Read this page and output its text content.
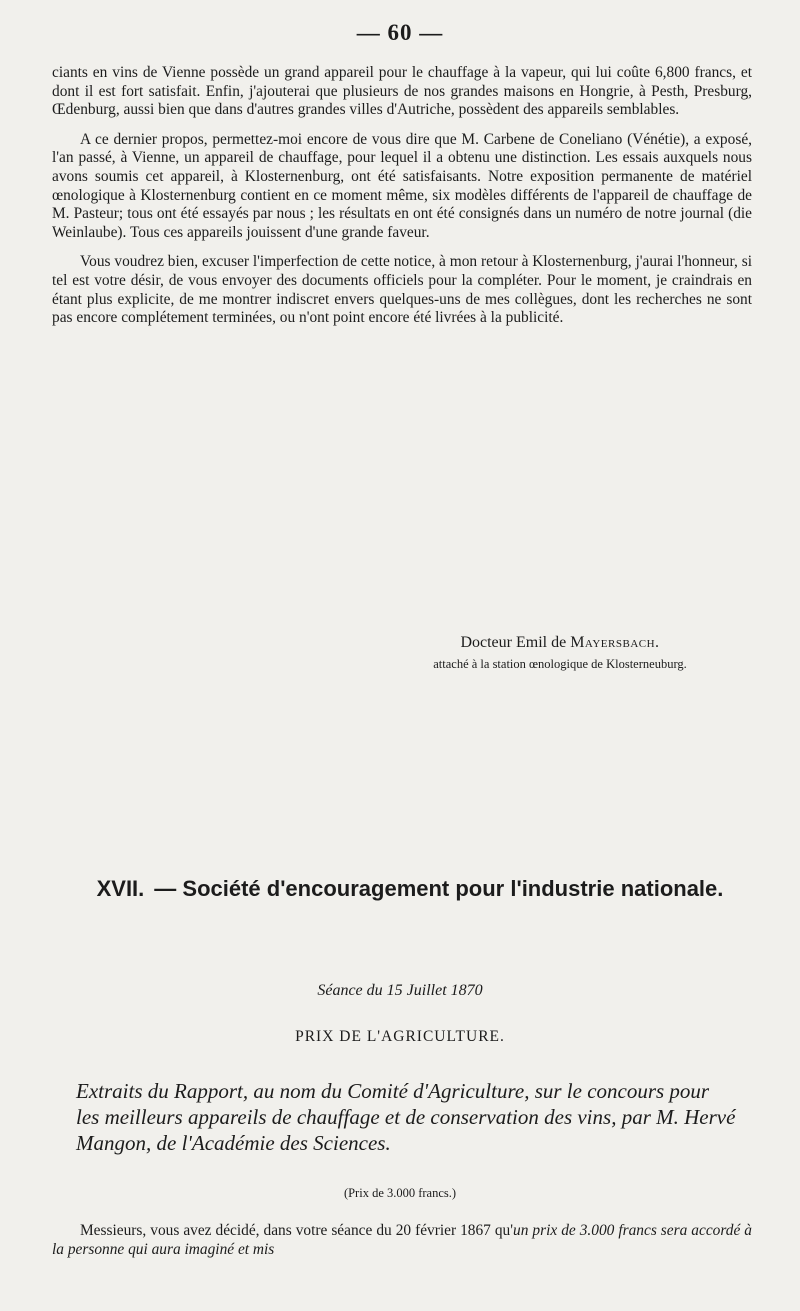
— 60 —

ciants en vins de Vienne possède un grand appareil pour le chauffage à la vapeur, qui lui coûte 6,800 francs, et dont il est fort satisfait. Enfin, j'ajouterai que plusieurs de nos grandes maisons en Hongrie, à Pesth, Presburg, Œdenburg, aussi bien que dans d'autres grandes villes d'Autriche, possèdent des appareils semblables.

A ce dernier propos, permettez-moi encore de vous dire que M. Carbene de Coneliano (Vénétie), a exposé, l'an passé, à Vienne, un appareil de chauffage, pour lequel il a obtenu une distinction. Les essais auxquels nous avons soumis cet appareil, à Klosternenburg, ont été satisfaisants. Notre exposition permanente de matériel œnologique à Klosternenburg contient en ce moment même, six modèles différents de l'appareil de chauffage de M. Pasteur; tous ont été essayés par nous ; les résultats en ont été consignés dans un numéro de notre journal (die Weinlaube). Tous ces appareils jouissent d'une grande faveur.

Vous voudrez bien, excuser l'imperfection de cette notice, à mon retour à Klosternenburg, j'aurai l'honneur, si tel est votre désir, de vous envoyer des documents officiels pour la compléter. Pour le moment, je craindrais en étant plus explicite, de me montrer indiscret envers quelques-uns de mes collègues, dont les recherches ne sont pas encore complétement terminées, ou n'ont point encore été livrées à la publicité.

Docteur Emil de Mayersbach.
attaché à la station œnologique de Klosterneuburg.
XVII. — Société d'encouragement pour l'industrie nationale.
Séance du 15 Juillet 1870
PRIX DE L'AGRICULTURE.
Extraits du Rapport, au nom du Comité d'Agriculture, sur le concours pour les meilleurs appareils de chauffage et de conservation des vins, par M. Hervé Mangon, de l'Académie des Sciences.
(Prix de 3.000 francs.)
Messieurs, vous avez décidé, dans votre séance du 20 février 1867 qu'un prix de 3.000 francs sera accordé à la personne qui aura imaginé et mis
